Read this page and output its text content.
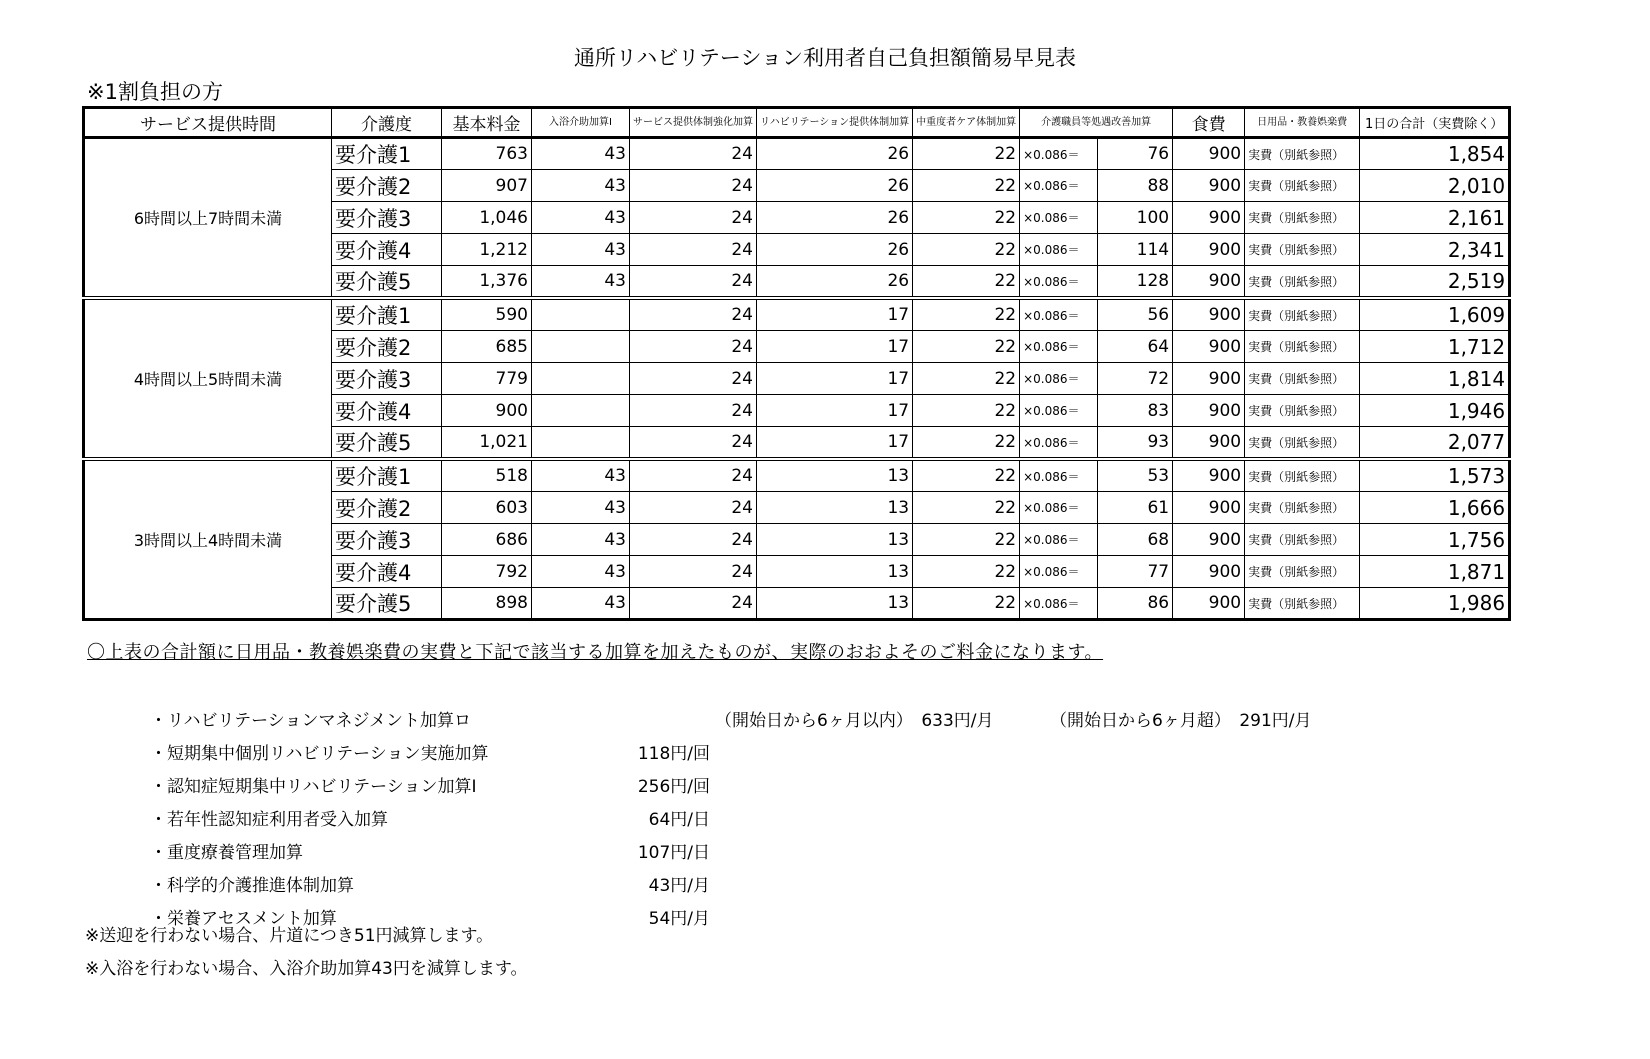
通所リハビリテーション利用者自己負担額簡易早見表
※1割負担の方
サービス提供時間	介護度	基本料金	入浴介助加算Ⅰ	サービス提供体制強化加算	リハビリテーション提供体制加算	中重度者ケア体制加算	介護職員等処遇改善加算		食費	日用品・教養娯楽費	1日の合計（実費除く）
6時間以上7時間未満	要介護1	763	43	24	26	22	×0.086＝	76	900	実費（別紙参照）	1,854
	要介護2	907	43	24	26	22	×0.086＝	88	900	実費（別紙参照）	2,010
	要介護3	1,046	43	24	26	22	×0.086＝	100	900	実費（別紙参照）	2,161
	要介護4	1,212	43	24	26	22	×0.086＝	114	900	実費（別紙参照）	2,341
	要介護5	1,376	43	24	26	22	×0.086＝	128	900	実費（別紙参照）	2,519
4時間以上5時間未満	要介護1	590		24	17	22	×0.086＝	56	900	実費（別紙参照）	1,609
	要介護2	685		24	17	22	×0.086＝	64	900	実費（別紙参照）	1,712
	要介護3	779		24	17	22	×0.086＝	72	900	実費（別紙参照）	1,814
	要介護4	900		24	17	22	×0.086＝	83	900	実費（別紙参照）	1,946
	要介護5	1,021		24	17	22	×0.086＝	93	900	実費（別紙参照）	2,077
3時間以上4時間未満	要介護1	518	43	24	13	22	×0.086＝	53	900	実費（別紙参照）	1,573
	要介護2	603	43	24	13	22	×0.086＝	61	900	実費（別紙参照）	1,666
	要介護3	686	43	24	13	22	×0.086＝	68	900	実費（別紙参照）	1,756
	要介護4	792	43	24	13	22	×0.086＝	77	900	実費（別紙参照）	1,871
	要介護5	898	43	24	13	22	×0.086＝	86	900	実費（別紙参照）	1,986
〇上表の合計額に日用品・教養娯楽費の実費と下記で該当する加算を加えたものが、実際のおおよそのご料金になります。
・リハビリテーションマネジメント加算ロ	（開始日から6ヶ月以内）　633円/月	（開始日から6ヶ月超）　291円/月
・短期集中個別リハビリテーション実施加算	118円/回
・認知症短期集中リハビリテーション加算Ⅰ	256円/回
・若年性認知症利用者受入加算	64円/日
・重度療養管理加算	107円/日
・科学的介護推進体制加算	43円/月
・栄養アセスメント加算	54円/月
※送迎を行わない場合、片道につき51円減算します。
※入浴を行わない場合、入浴介助加算43円を減算します。
